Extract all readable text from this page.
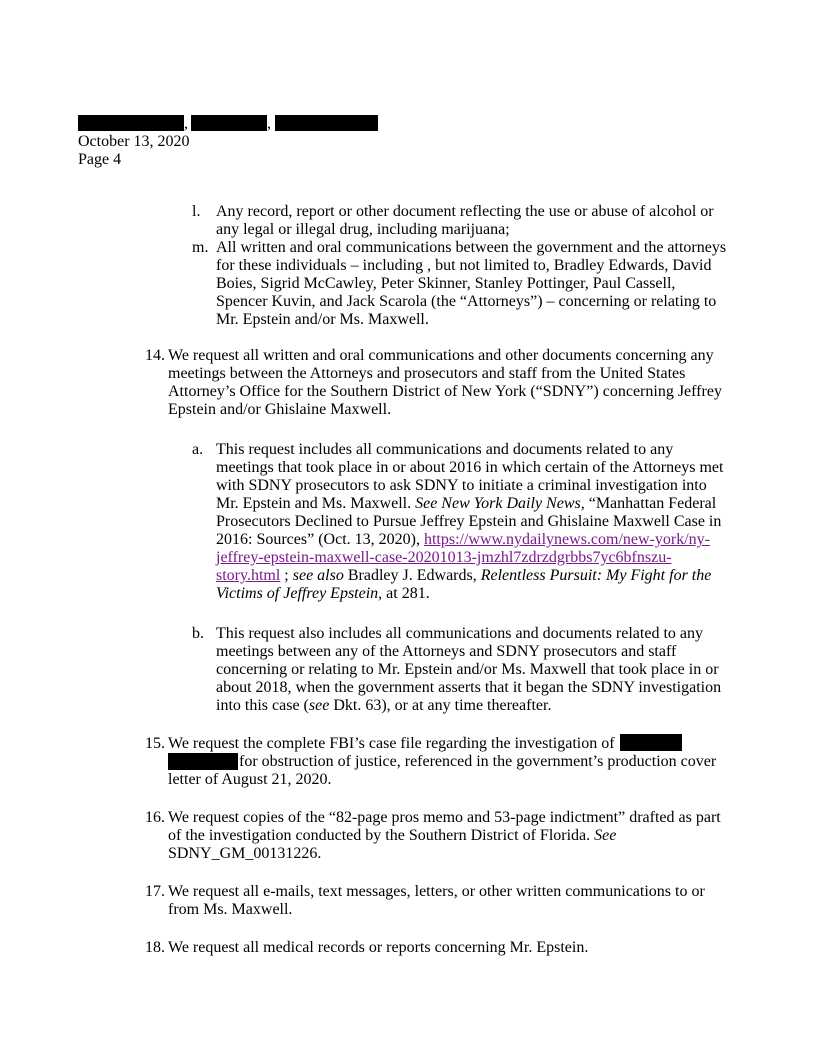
,	,
October 13, 2020
Page 4
l. Any record, report or other document reflecting the use or abuse of alcohol or
any legal or illegal drug, including marijuana;
m. All written and oral communications between the government and the attorneys
for these individuals – including , but not limited to, Bradley Edwards, David
Boies, Sigrid McCawley, Peter Skinner, Stanley Pottinger, Paul Cassell,
Spencer Kuvin, and Jack Scarola (the “Attorneys”) – concerning or relating to
Mr. Epstein and/or Ms. Maxwell.
14. We request all written and oral communications and other documents concerning any
meetings between the Attorneys and prosecutors and staff from the United States
Attorney’s Office for the Southern District of New York (“SDNY”) concerning Jeffrey
Epstein and/or Ghislaine Maxwell.
a. This request includes all communications and documents related to any
meetings that took place in or about 2016 in which certain of the Attorneys met
with SDNY prosecutors to ask SDNY to initiate a criminal investigation into
Mr. Epstein and Ms. Maxwell. See New York Daily News, “Manhattan Federal
Prosecutors Declined to Pursue Jeffrey Epstein and Ghislaine Maxwell Case in
2016: Sources” (Oct. 13, 2020), https://www.nydailynews.com/new-york/ny-
jeffrey-epstein-maxwell-case-20201013-jmzhl7zdrzdgrbbs7yc6bfnszu-
story.html ; see also Bradley J. Edwards, Relentless Pursuit: My Fight for the
Victims of Jeffrey Epstein, at 281.
b. This request also includes all communications and documents related to any
meetings between any of the Attorneys and SDNY prosecutors and staff
concerning or relating to Mr. Epstein and/or Ms. Maxwell that took place in or
about 2018, when the government asserts that it began the SDNY investigation
into this case (see Dkt. 63), or at any time thereafter.
15. We request the complete FBI’s case file regarding the investigation of
for obstruction of justice, referenced in the government’s production cover
letter of August 21, 2020.
16. We request copies of the “82-page pros memo and 53-page indictment” drafted as part
of the investigation conducted by the Southern District of Florida. See
SDNY_GM_00131226.
17. We request all e-mails, text messages, letters, or other written communications to or
from Ms. Maxwell.
18. We request all medical records or reports concerning Mr. Epstein.
